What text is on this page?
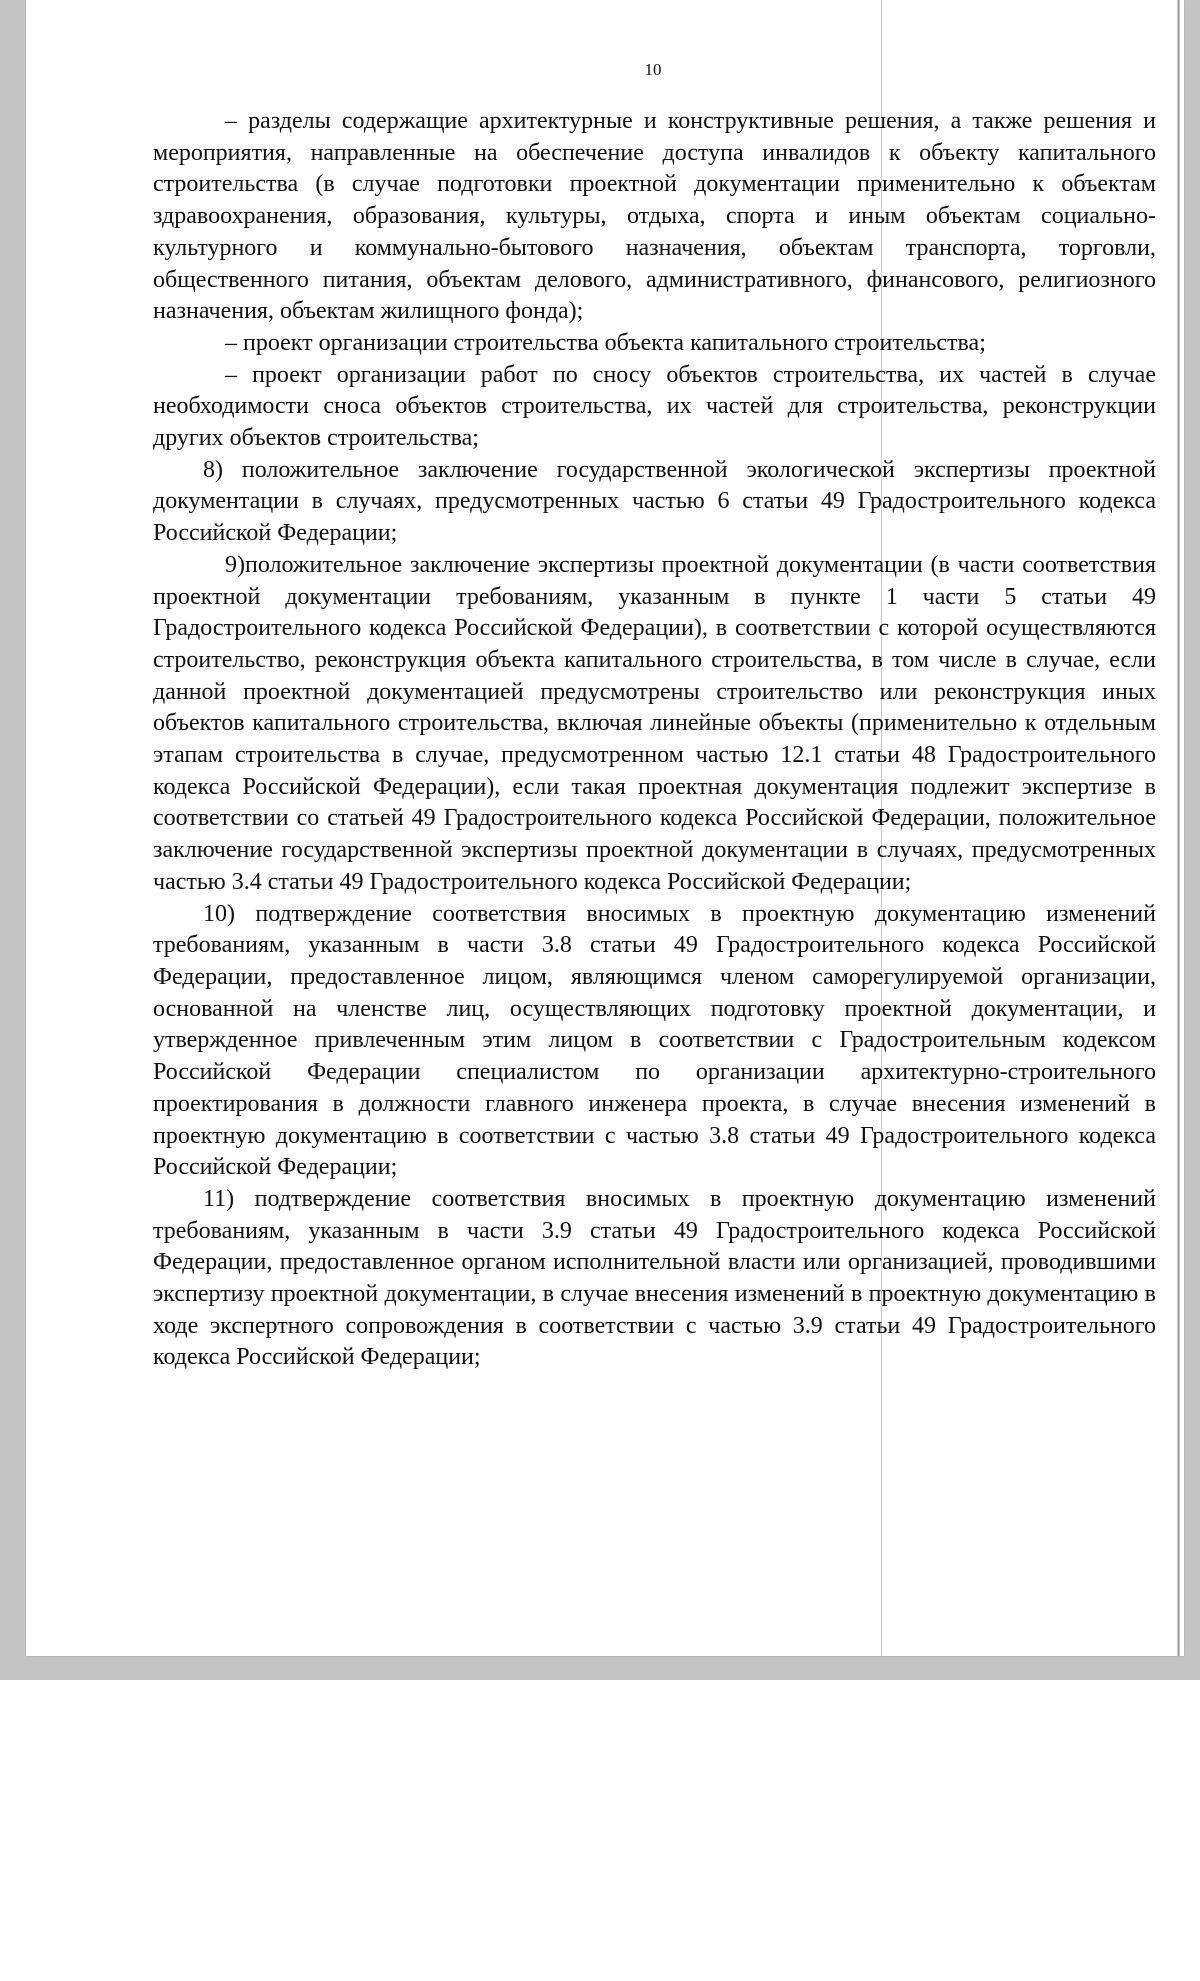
10

– разделы содержащие архитектурные и конструктивные решения, а также решения и мероприятия, направленные на обеспечение доступа инвалидов к объекту капитального строительства (в случае подготовки проектной документации применительно к объектам здравоохранения, образования, культуры, отдыха, спорта и иным объектам социально-культурного и коммунально-бытового назначения, объектам транспорта, торговли, общественного питания, объектам делового, административного, финансового, религиозного назначения, объектам жилищного фонда);

– проект организации строительства объекта капитального строительства;

– проект организации работ по сносу объектов строительства, их частей в случае необходимости сноса объектов строительства, их частей для строительства, реконструкции других объектов строительства;

8) положительное заключение государственной экологической экспертизы проектной документации в случаях, предусмотренных частью 6 статьи 49 Градостроительного кодекса Российской Федерации;

9)положительное заключение экспертизы проектной документации (в части соответствия проектной документации требованиям, указанным в пункте 1 части 5 статьи 49 Градостроительного кодекса Российской Федерации), в соответствии с которой осуществляются строительство, реконструкция объекта капитального строительства, в том числе в случае, если данной проектной документацией предусмотрены строительство или реконструкция иных объектов капитального строительства, включая линейные объекты (применительно к отдельным этапам строительства в случае, предусмотренном частью 12.1 статьи 48 Градостроительного кодекса Российской Федерации), если такая проектная документация подлежит экспертизе в соответствии со статьей 49 Градостроительного кодекса Российской Федерации, положительное заключение государственной экспертизы проектной документации в случаях, предусмотренных частью 3.4 статьи 49 Градостроительного кодекса Российской Федерации;

10) подтверждение соответствия вносимых в проектную документацию изменений требованиям, указанным в части 3.8 статьи 49 Градостроительного кодекса Российской Федерации, предоставленное лицом, являющимся членом саморегулируемой организации, основанной на членстве лиц, осуществляющих подготовку проектной документации, и утвержденное привлеченным этим лицом в соответствии с Градостроительным кодексом Российской Федерации специалистом по организации архитектурно-строительного проектирования в должности главного инженера проекта, в случае внесения изменений в проектную документацию в соответствии с частью 3.8 статьи 49 Градостроительного кодекса Российской Федерации;

11) подтверждение соответствия вносимых в проектную документацию изменений требованиям, указанным в части 3.9 статьи 49 Градостроительного кодекса Российской Федерации, предоставленное органом исполнительной власти или организацией, проводившими экспертизу проектной документации, в случае внесения изменений в проектную документацию в ходе экспертного сопровождения в соответствии с частью 3.9 статьи 49 Градостроительного кодекса Российской Федерации;
